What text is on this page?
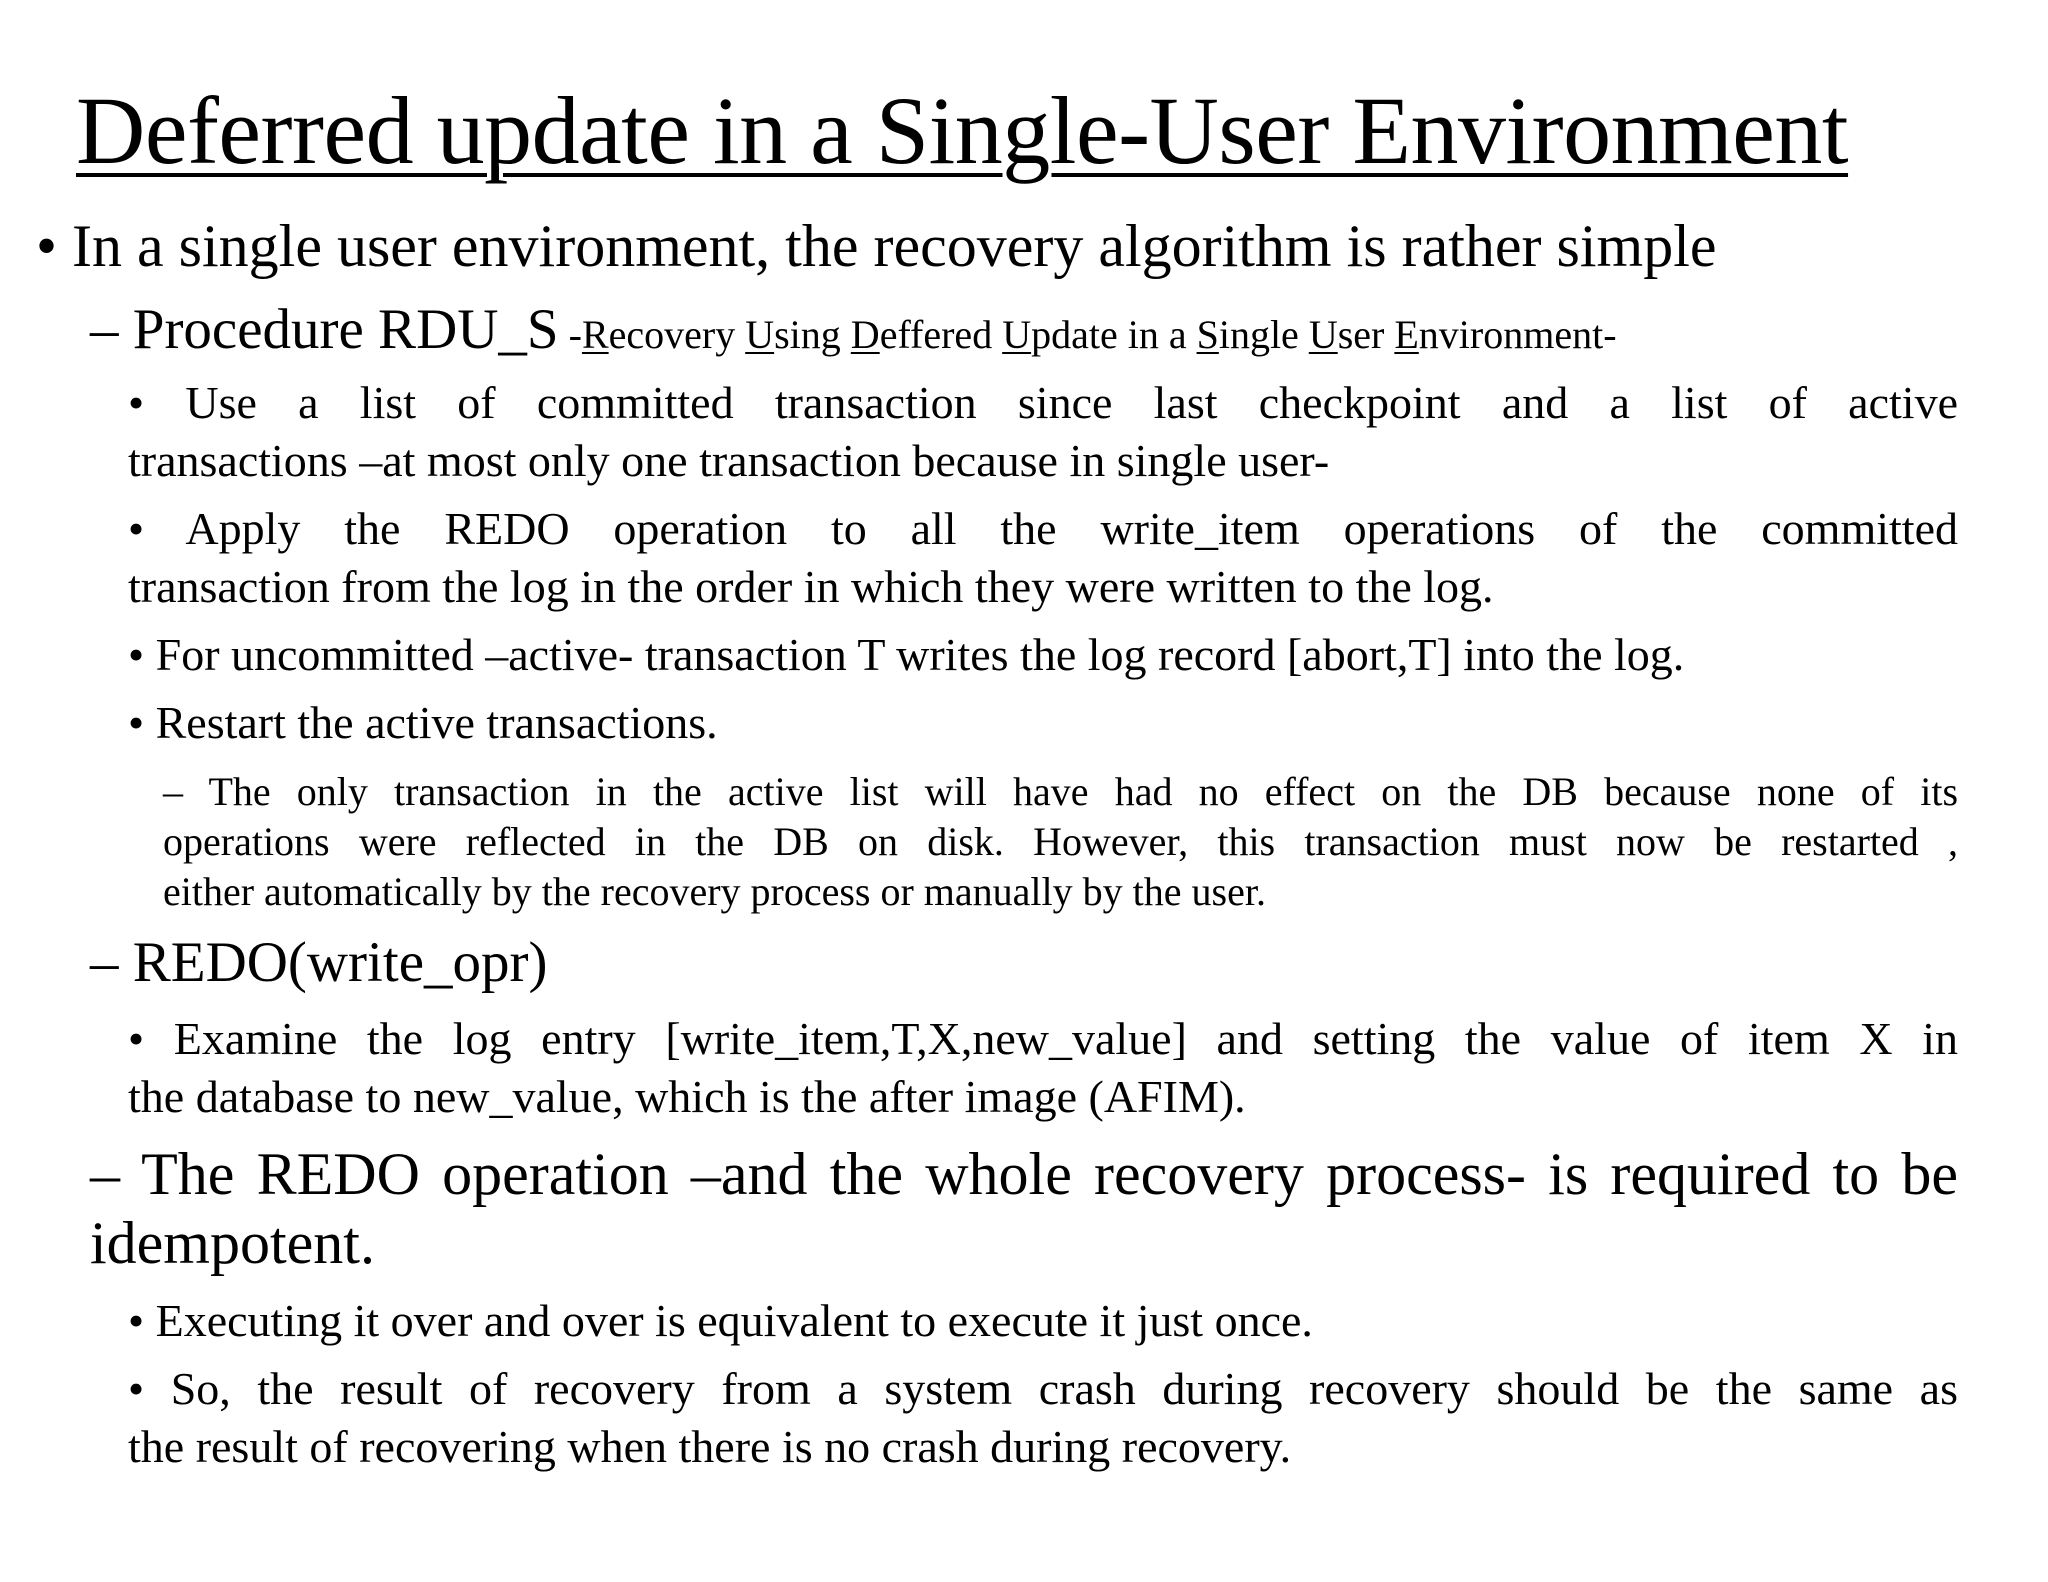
Deferred update in a Single-User Environment

• In a single user environment, the recovery algorithm is rather simple

– Procedure RDU_S -Recovery Using Deffered Update in a Single User Environment-

• Use a list of committed transaction since last checkpoint and a list of active

transactions –at most only one transaction because in single user-

• Apply the REDO operation to all the write_item operations of the committed

transaction from the log in the order in which they were written to the log.

• For uncommitted –active- transaction T writes the log record [abort,T] into the log.

• Restart the active transactions.

– The only transaction in the active list will have had no effect on the DB because none of its

operations were reflected in the DB on disk. However, this transaction must now be restarted ,

either automatically by the recovery process or manually by the user.

– REDO(write_opr)

• Examine the log entry [write_item,T,X,new_value] and setting the value of item X in

the database to new_value, which is the after image (AFIM).

– The REDO operation –and the whole recovery process- is required to be

idempotent.

• Executing it over and over is equivalent to execute it just once.

• So, the result of recovery from a system crash during recovery should be the same as

the result of recovering when there is no crash during recovery.
